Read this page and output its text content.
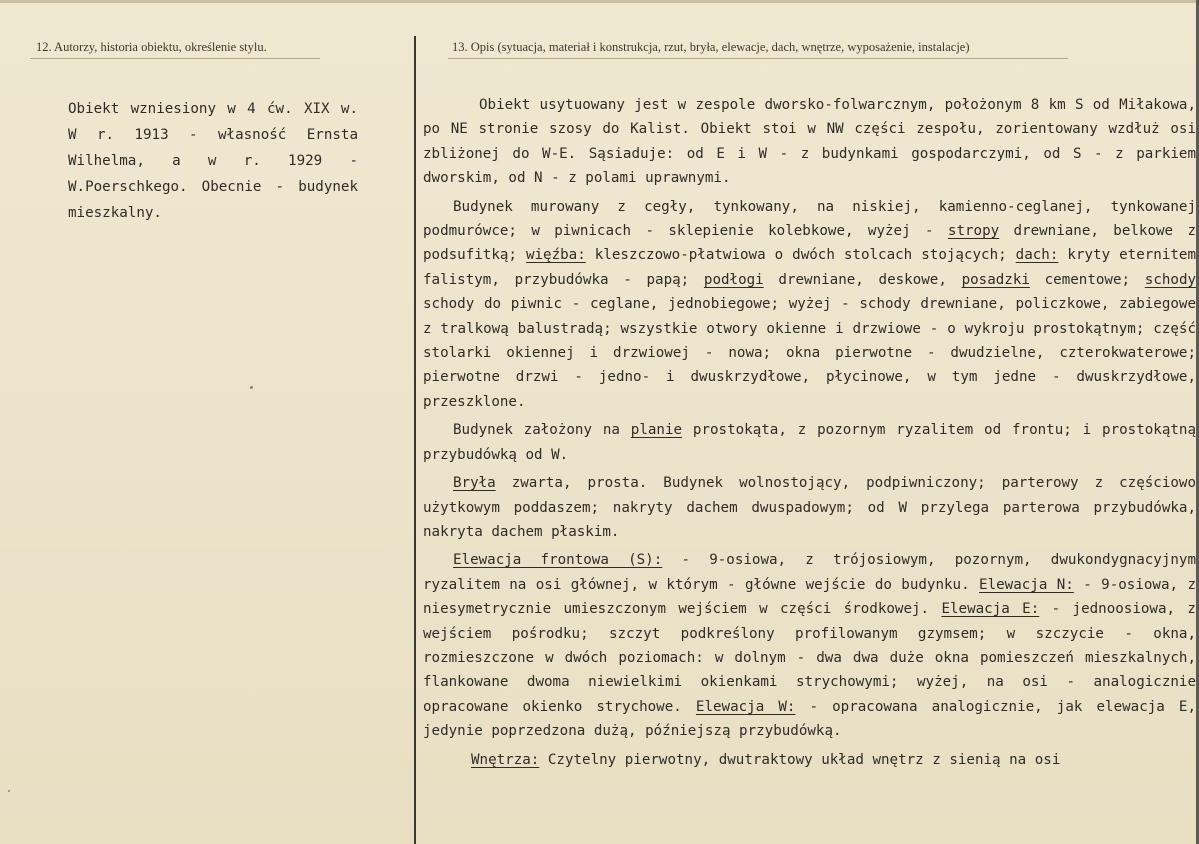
12. Autorzy, historia obiektu, określenie stylu.	13. Opis (sytuacja, materiał i konstrukcja, rzut, bryła, elewacje, dach, wnętrze, wyposażenie, instalacje)

Obiekt wzniesiony w 4 ćw. XIX w. W r. 1913 - własność Ernsta Wilhelma, a w r. 1929 - W.Poerschkego. Obecnie - budynek mieszkalny.

Obiekt usytuowany jest w zespole dworsko-folwarcznym, położonym 8 km S od Miłakowa, po NE stronie szosy do Kalist. Obiekt stoi w NW części zespołu, zorientowany wzdłuż osi zbliżonej do W-E. Sąsiaduje: od E i W - z budynkami gospodarczymi, od S - z parkiem dworskim, od N - z polami uprawnymi.

Budynek murowany z cegły, tynkowany, na niskiej, kamienno-ceglanej, tynkowanej podmurówce; w piwnicach - sklepienie kolebkowe, wyżej - stropy drewniane, belkowe z podsufitką; więźba: kleszczowo-płatwiowa o dwóch stolcach stojących; dach: kryty eternitem falistym, przybudówka - papą; podłogi drewniane, deskowe, posadzki cementowe; schody schody do piwnic - ceglane, jednobiegowe; wyżej - schody drewniane, policzkowe, zabiegowe z tralkową balustradą; wszystkie otwory okienne i drzwiowe - o wykroju prostokątnym; część stolarki okiennej i drzwiowej - nowa; okna pierwotne - dwudzielne, czterokwaterowe; pierwotne drzwi - jedno- i dwuskrzydłowe, płycinowe, w tym jedne - dwuskrzydłowe, przeszklone.

Budynek założony na planie prostokąta, z pozornym ryzalitem od frontu; i prostokątną przybudówką od W.

Bryła zwarta, prosta. Budynek wolnostojący, podpiwniczony; parterowy z częściowo użytkowym poddaszem; nakryty dachem dwuspadowym; od W przylega parterowa przybudówka, nakryta dachem płaskim.

Elewacja frontowa (S): - 9-osiowa, z trójosiowym, pozornym, dwukondygnacyjnym ryzalitem na osi głównej, w którym - główne wejście do budynku. Elewacja N: - 9-osiowa, z niesymetrycznie umieszczonym wejściem w części środkowej. Elewacja E: - jednoosiowa, z wejściem pośrodku; szczyt podkreślony profilowanym gzymsem; w szczycie - okna, rozmieszczone w dwóch poziomach: w dolnym - dwa dwa duże okna pomieszczeń mieszkalnych, flankowane dwoma niewielkimi okienkami strychowymi; wyżej, na osi - analogicznie opracowane okienko strychowe. Elewacja W: - opracowana analogicznie, jak elewacja E, jedynie poprzedzona dużą, późniejszą przybudówką.

Wnętrza: Czytelny pierwotny, dwutraktowy układ wnętrz z sienią na osi
